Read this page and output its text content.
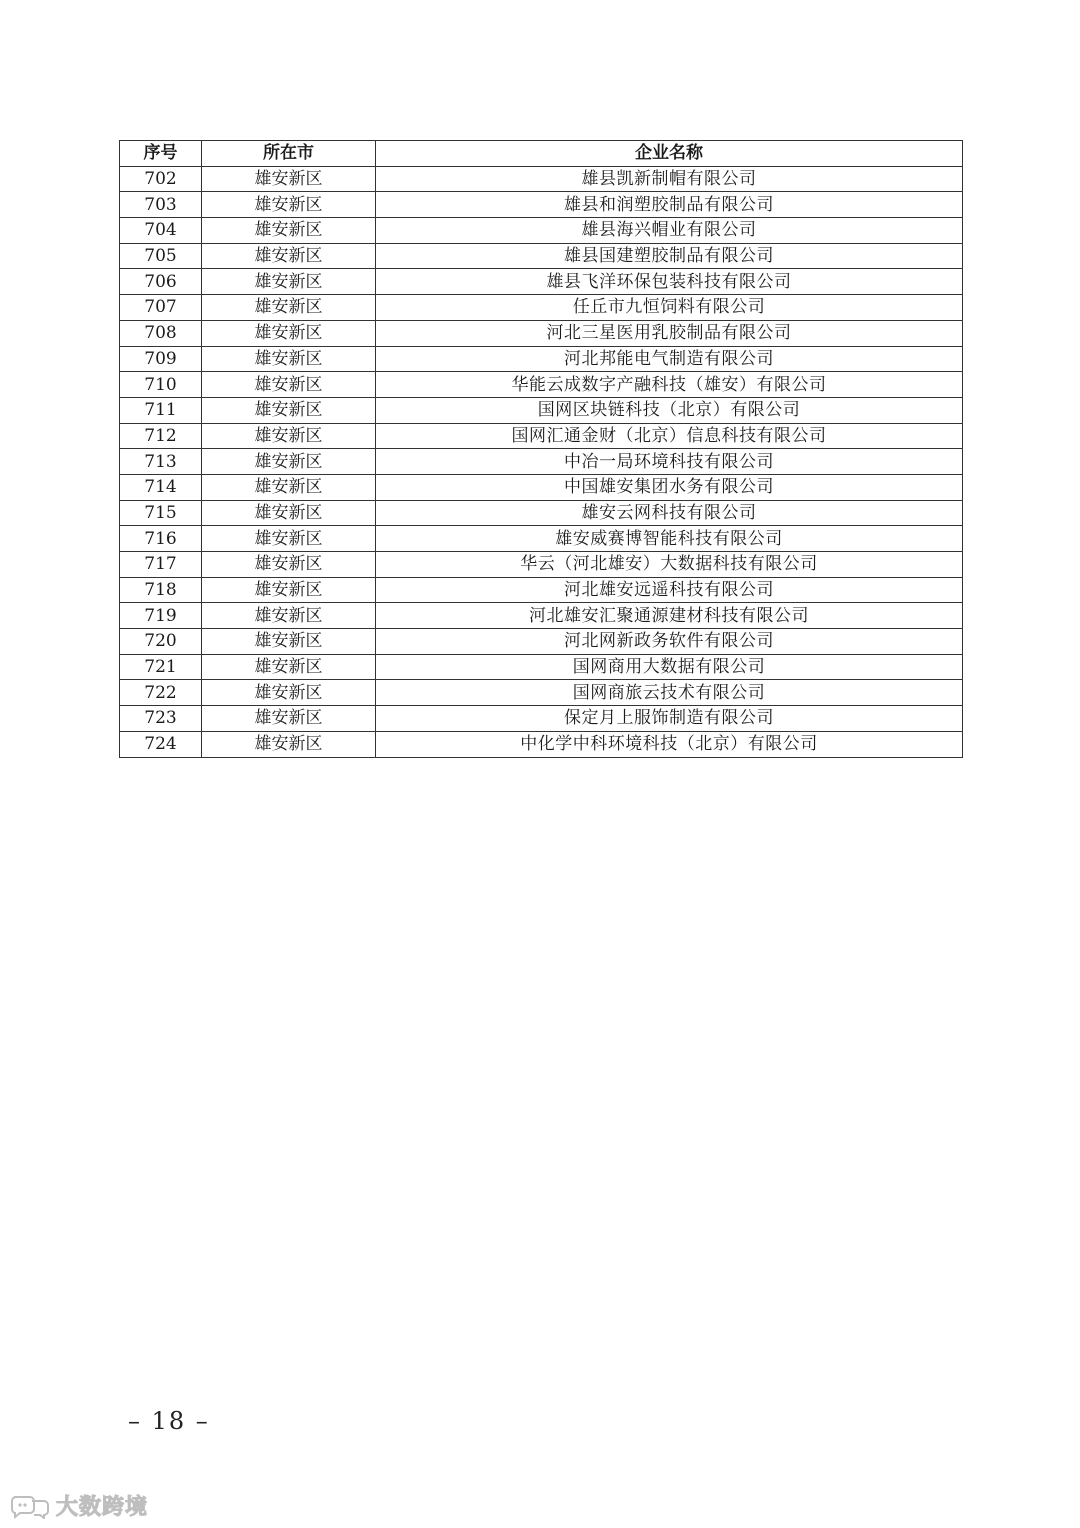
序号	所在市	企业名称
702	雄安新区	雄县凯新制帽有限公司
703	雄安新区	雄县和润塑胶制品有限公司
704	雄安新区	雄县海兴帽业有限公司
705	雄安新区	雄县国建塑胶制品有限公司
706	雄安新区	雄县飞洋环保包装科技有限公司
707	雄安新区	任丘市九恒饲料有限公司
708	雄安新区	河北三星医用乳胶制品有限公司
709	雄安新区	河北邦能电气制造有限公司
710	雄安新区	华能云成数字产融科技（雄安）有限公司
711	雄安新区	国网区块链科技（北京）有限公司
712	雄安新区	国网汇通金财（北京）信息科技有限公司
713	雄安新区	中冶一局环境科技有限公司
714	雄安新区	中国雄安集团水务有限公司
715	雄安新区	雄安云网科技有限公司
716	雄安新区	雄安威赛博智能科技有限公司
717	雄安新区	华云（河北雄安）大数据科技有限公司
718	雄安新区	河北雄安远遥科技有限公司
719	雄安新区	河北雄安汇聚通源建材科技有限公司
720	雄安新区	河北网新政务软件有限公司
721	雄安新区	国网商用大数据有限公司
722	雄安新区	国网商旅云技术有限公司
723	雄安新区	保定月上服饰制造有限公司
724	雄安新区	中化学中科环境科技（北京）有限公司
– 18 –
大数跨境
